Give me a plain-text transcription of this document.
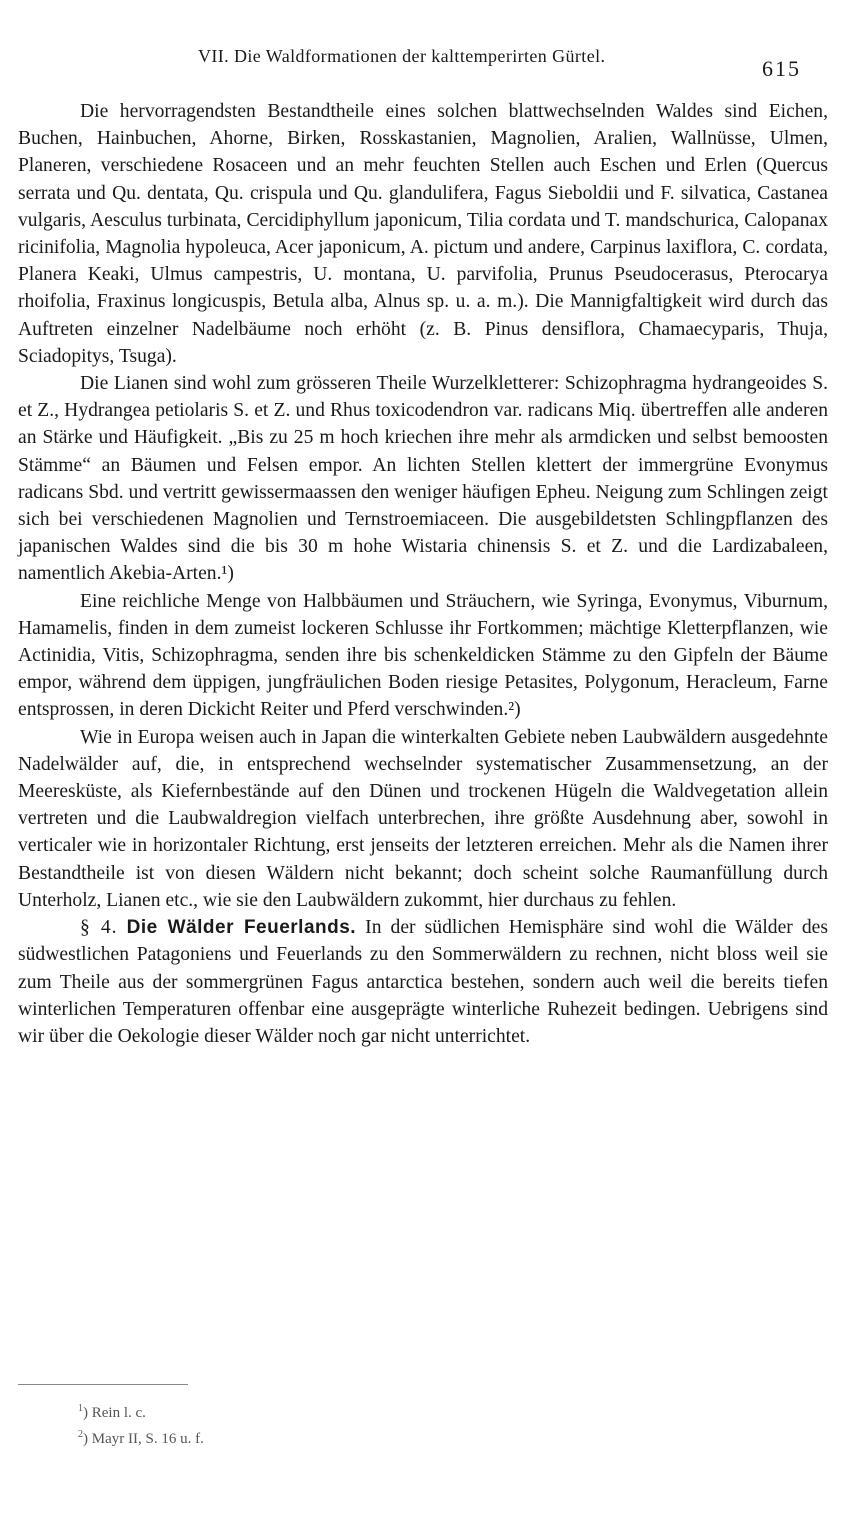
VII. Die Waldformationen der kalttemperirten Gürtel.	615

Die hervorragendsten Bestandtheile eines solchen blattwechselnden Waldes sind Eichen, Buchen, Hainbuchen, Ahorne, Birken, Rosskastanien, Magnolien, Aralien, Wallnüsse, Ulmen, Planeren, verschiedene Rosaceen und an mehr feuchten Stellen auch Eschen und Erlen (Quercus serrata und Qu. dentata, Qu. crispula und Qu. glandulifera, Fagus Sieboldii und F. silvatica, Castanea vulgaris, Aesculus turbinata, Cercidiphyllum japonicum, Tilia cordata und T. mandschurica, Calopanax ricinifolia, Magnolia hypoleuca, Acer japonicum, A. pictum und andere, Carpinus laxiflora, C. cordata, Planera Keaki, Ulmus campestris, U. montana, U. parvifolia, Prunus Pseudocerasus, Pterocarya rhoifolia, Fraxinus longicuspis, Betula alba, Alnus sp. u. a. m.). Die Mannigfaltigkeit wird durch das Auftreten einzelner Nadelbäume noch erhöht (z. B. Pinus densiflora, Chamaecyparis, Thuja, Sciadopitys, Tsuga).

Die Lianen sind wohl zum grösseren Theile Wurzelkletterer: Schizophragma hydrangeoides S. et Z., Hydrangea petiolaris S. et Z. und Rhus toxicodendron var. radicans Miq. übertreffen alle anderen an Stärke und Häufigkeit. „Bis zu 25 m hoch kriechen ihre mehr als armdicken und selbst bemoosten Stämme“ an Bäumen und Felsen empor. An lichten Stellen klettert der immergrüne Evonymus radicans Sbd. und vertritt gewissermaassen den weniger häufigen Epheu. Neigung zum Schlingen zeigt sich bei verschiedenen Magnolien und Ternstroemiaceen. Die ausgebildetsten Schlingpflanzen des japanischen Waldes sind die bis 30 m hohe Wistaria chinensis S. et Z. und die Lardizabaleen, namentlich Akebia-Arten.¹)

Eine reichliche Menge von Halbbäumen und Sträuchern, wie Syringa, Evonymus, Viburnum, Hamamelis, finden in dem zumeist lockeren Schlusse ihr Fortkommen; mächtige Kletterpflanzen, wie Actinidia, Vitis, Schizophragma, senden ihre bis schenkeldicken Stämme zu den Gipfeln der Bäume empor, während dem üppigen, jungfräulichen Boden riesige Petasites, Polygonum, Heracleum, Farne entsprossen, in deren Dickicht Reiter und Pferd verschwinden.²)

Wie in Europa weisen auch in Japan die winterkalten Gebiete neben Laubwäldern ausgedehnte Nadelwälder auf, die, in entsprechend wechselnder systematischer Zusammensetzung, an der Meeresküste, als Kiefernbestände auf den Dünen und trockenen Hügeln die Waldvegetation allein vertreten und die Laubwaldregion vielfach unterbrechen, ihre größte Ausdehnung aber, sowohl in verticaler wie in horizontaler Richtung, erst jenseits der letzteren erreichen. Mehr als die Namen ihrer Bestandtheile ist von diesen Wäldern nicht bekannt; doch scheint solche Raumanfüllung durch Unterholz, Lianen etc., wie sie den Laubwäldern zukommt, hier durchaus zu fehlen.

§ 4. Die Wälder Feuerlands. In der südlichen Hemisphäre sind wohl die Wälder des südwestlichen Patagoniens und Feuerlands zu den Sommerwäldern zu rechnen, nicht bloss weil sie zum Theile aus der sommergrünen Fagus antarctica bestehen, sondern auch weil die bereits tiefen winterlichen Temperaturen offenbar eine ausgeprägte winterliche Ruhezeit bedingen. Uebrigens sind wir über die Oekologie dieser Wälder noch gar nicht unterrichtet.

$^1$) Rein l. c.
$^2$) Mayr II, S. 16 u. f.
